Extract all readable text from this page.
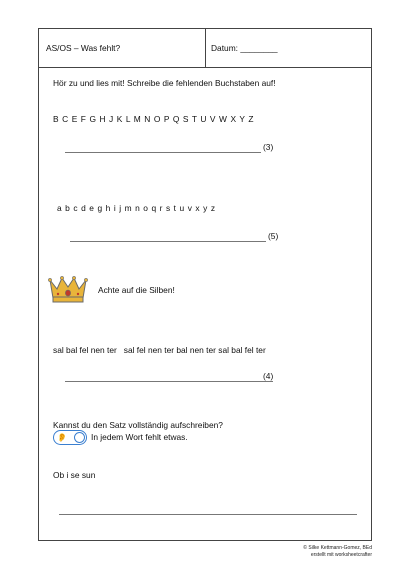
AS/OS – Was fehlt?	Datum: ________
Hör zu und lies mit! Schreibe die fehlenden Buchstaben auf!
B C E F G H J K L M N O P Q S T U V W X Y Z
(3)
a b c d e g h i j m n o q r s t u v x y z
(5)
Achte auf die Silben!
sal bal fel nen ter   sal fel nen ter bal nen ter sal bal fel ter
(4)
Kannst du den Satz vollständig aufschreiben?
👂	In jedem Wort fehlt etwas.
Ob i se sun
© Silke Kettmann-Gomez, BEd
erstellt mit worksheetcrafter
